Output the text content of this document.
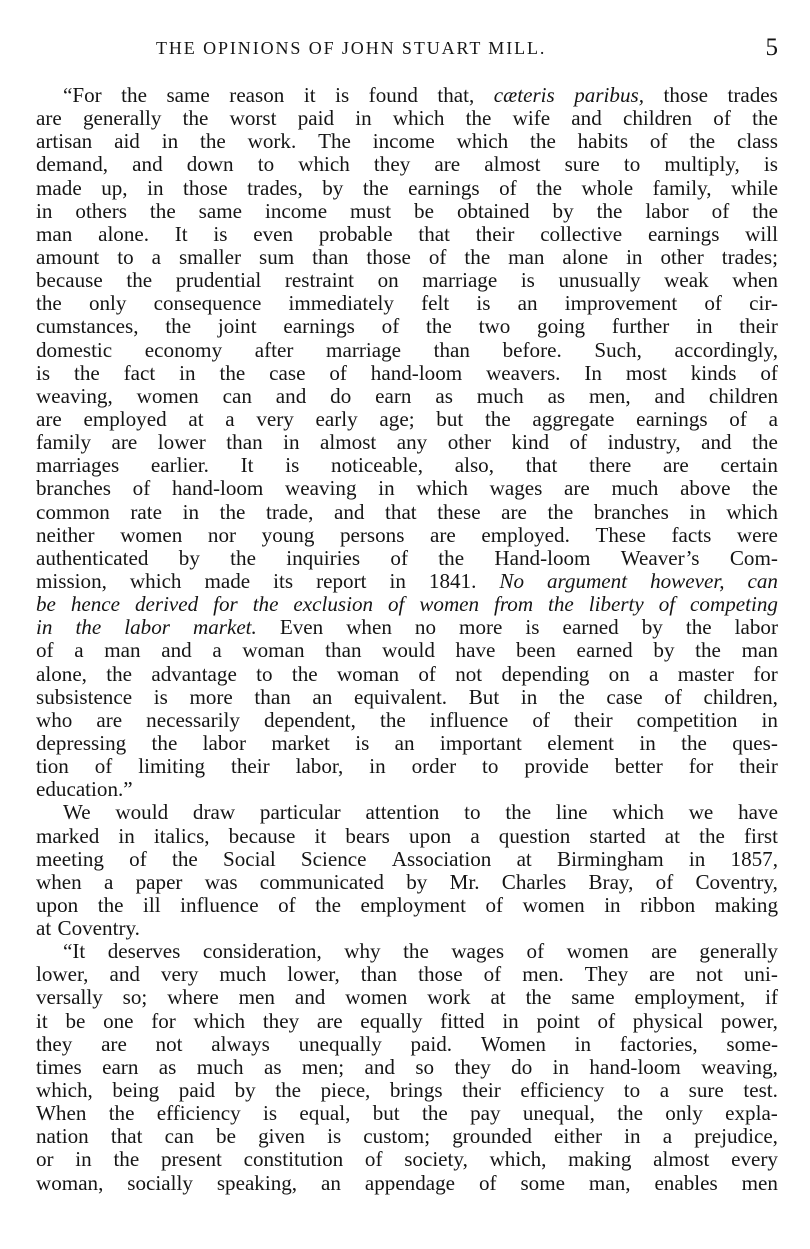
THE OPINIONS OF JOHN STUART MILL.	5
“For the same reason it is found that, cæteris paribus, those trades
are generally the worst paid in which the wife and children of the
artisan aid in the work. The income which the habits of the class
demand, and down to which they are almost sure to multiply, is
made up, in those trades, by the earnings of the whole family, while
in others the same income must be obtained by the labor of the
man alone. It is even probable that their collective earnings will
amount to a smaller sum than those of the man alone in other trades;
because the prudential restraint on marriage is unusually weak when
the only consequence immediately felt is an improvement of cir-
cumstances, the joint earnings of the two going further in their
domestic economy after marriage than before. Such, accordingly,
is the fact in the case of hand-loom weavers. In most kinds of
weaving, women can and do earn as much as men, and children
are employed at a very early age; but the aggregate earnings of a
family are lower than in almost any other kind of industry, and the
marriages earlier. It is noticeable, also, that there are certain
branches of hand-loom weaving in which wages are much above the
common rate in the trade, and that these are the branches in which
neither women nor young persons are employed. These facts were
authenticated by the inquiries of the Hand-loom Weaver’s Com-
mission, which made its report in 1841. No argument however, can
be hence derived for the exclusion of women from the liberty of competing
in the labor market. Even when no more is earned by the labor
of a man and a woman than would have been earned by the man
alone, the advantage to the woman of not depending on a master for
subsistence is more than an equivalent. But in the case of children,
who are necessarily dependent, the influence of their competition in
depressing the labor market is an important element in the ques-
tion of limiting their labor, in order to provide better for their
education.”
We would draw particular attention to the line which we have
marked in italics, because it bears upon a question started at the first
meeting of the Social Science Association at Birmingham in 1857,
when a paper was communicated by Mr. Charles Bray, of Coventry,
upon the ill influence of the employment of women in ribbon making
at
Coventry.
“It deserves consideration, why the wages of women are generally
lower, and very much lower, than those of men. They are not uni-
versally so; where men and women work at the same employment, if
it be one for which they are equally fitted in point of physical power,
they are not always unequally paid. Women in factories, some-
times earn as much as men; and so they do in hand-loom weaving,
which, being paid by the piece, brings their efficiency to a sure test.
When the efficiency is equal, but the pay unequal, the only expla-
nation that can be given is custom; grounded either in a prejudice,
or in the present constitution of society, which, making almost every
woman, socially speaking, an appendage of some man, enables men
